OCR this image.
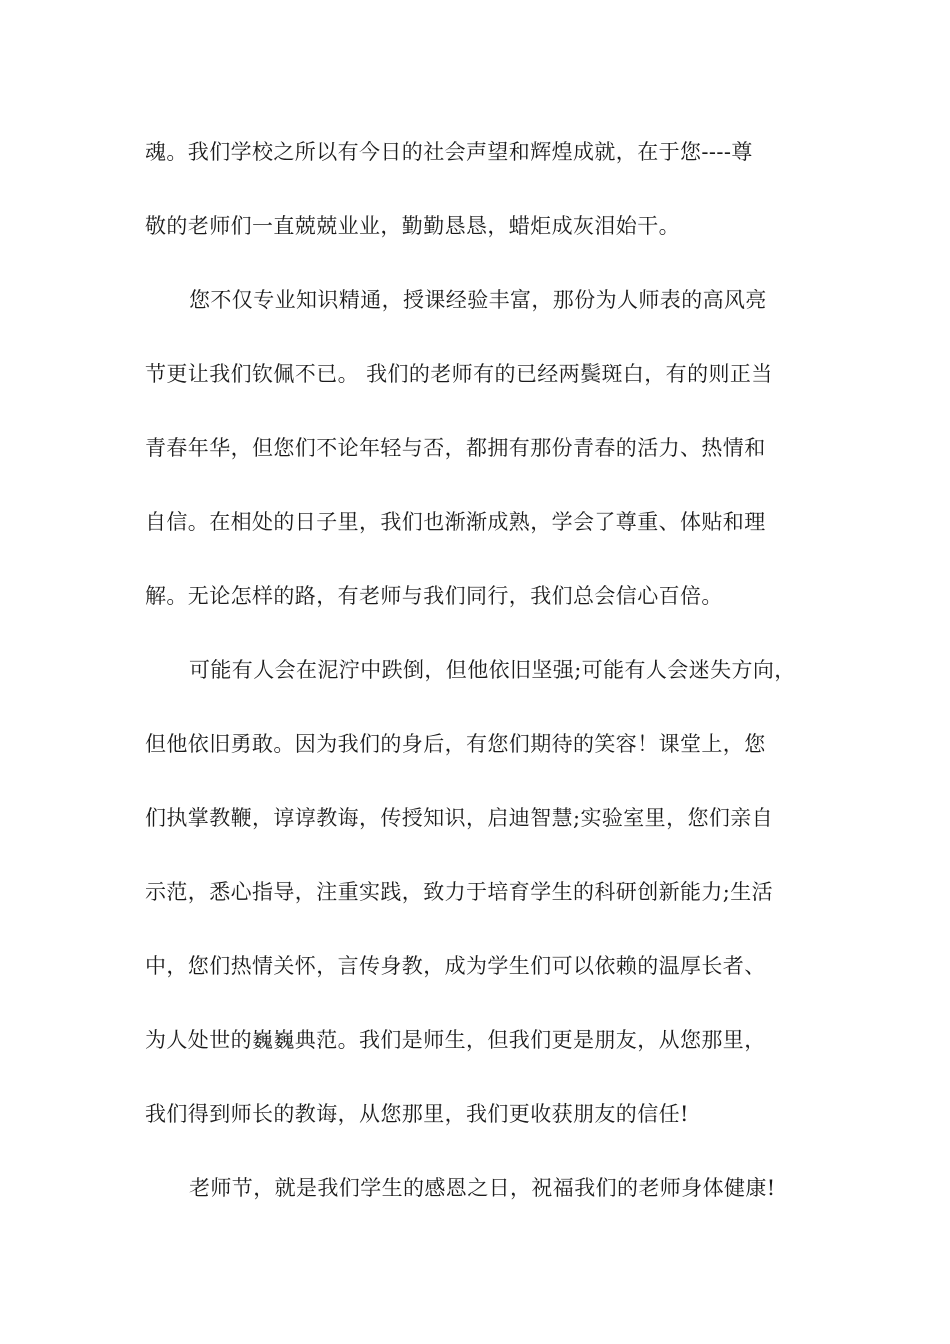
魂。我们学校之所以有今日的社会声望和辉煌成就，在于您----尊
敬的老师们一直兢兢业业，勤勤恳恳，蜡炬成灰泪始干。
您不仅专业知识精通，授课经验丰富，那份为人师表的高风亮
节更让我们钦佩不已。 我们的老师有的已经两鬓斑白，有的则正当
青春年华，但您们不论年轻与否，都拥有那份青春的活力、热情和
自信。在相处的日子里，我们也渐渐成熟，学会了尊重、体贴和理
解。无论怎样的路，有老师与我们同行，我们总会信心百倍。
可能有人会在泥泞中跌倒，但他依旧坚强;可能有人会迷失方向，
但他依旧勇敢。因为我们的身后，有您们期待的笑容！课堂上，您
们执掌教鞭，谆谆教诲，传授知识，启迪智慧;实验室里，您们亲自
示范，悉心指导，注重实践，致力于培育学生的科研创新能力;生活
中，您们热情关怀，言传身教，成为学生们可以依赖的温厚长者、
为人处世的巍巍典范。我们是师生，但我们更是朋友，从您那里，
我们得到师长的教诲，从您那里，我们更收获朋友的信任!
老师节，就是我们学生的感恩之日，祝福我们的老师身体健康!
